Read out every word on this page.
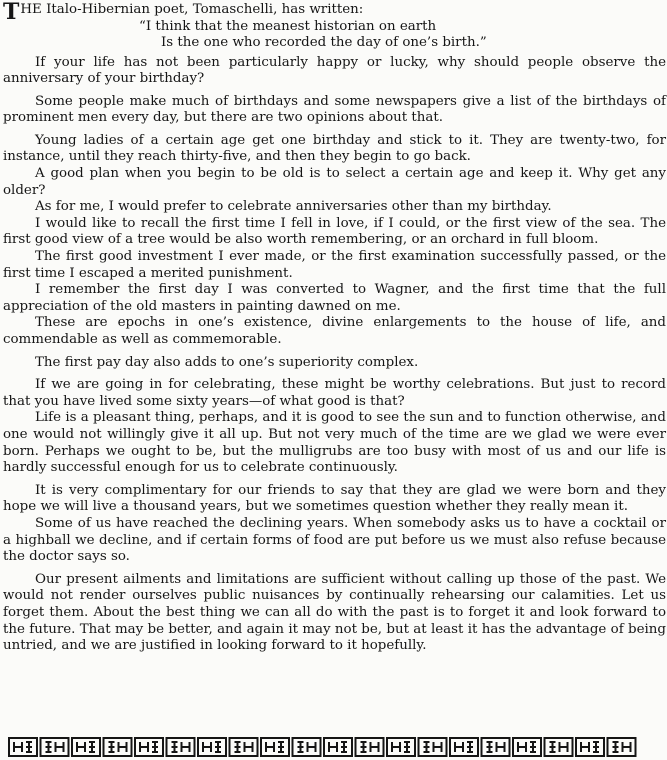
T HE Italo-Hibernian poet, Tomaschelli, has written:
“I think that the meanest historian on earth
Is the one who recorded the day of one’s birth.”

If your life has not been particularly happy or lucky, why should people observe the anniversary of your birthday?

Some people make much of birthdays and some newspapers give a list of the birthdays of prominent men every day, but there are two opinions about that.

Young ladies of a certain age get one birthday and stick to it. They are twenty-two, for instance, until they reach thirty-five, and then they begin to go back.

A good plan when you begin to be old is to select a certain age and keep it. Why get any older?

As for me, I would prefer to celebrate anniversaries other than my birthday.

I would like to recall the first time I fell in love, if I could, or the first view of the sea. The first good view of a tree would be also worth remembering, or an orchard in full bloom.

The first good investment I ever made, or the first examination successfully passed, or the first time I escaped a merited punishment.

I remember the first day I was converted to Wagner, and the first time that the full appreciation of the old masters in painting dawned on me.

These are epochs in one’s existence, divine enlargements to the house of life, and commendable as well as commemorable.

The first pay day also adds to one’s superiority complex.

If we are going in for celebrating, these might be worthy celebrations. But just to record that you have lived some sixty years—of what good is that?

Life is a pleasant thing, perhaps, and it is good to see the sun and to function otherwise, and one would not willingly give it all up. But not very much of the time are we glad we were ever born. Perhaps we ought to be, but the mulligrubs are too busy with most of us and our life is hardly successful enough for us to celebrate continuously.

It is very complimentary for our friends to say that they are glad we were born and they hope we will live a thousand years, but we sometimes question whether they really mean it.

Some of us have reached the declining years. When somebody asks us to have a cocktail or a highball we decline, and if certain forms of food are put before us we must also refuse because the doctor says so.

Our present ailments and limitations are sufficient without calling up those of the past. We would not render ourselves public nuisances by continually rehearsing our calamities. Let us forget them. About the best thing we can all do with the past is to forget it and look forward to the future. That may be better, and again it may not be, but at least it has the advantage of being untried, and we are justified in looking forward to it hopefully.
